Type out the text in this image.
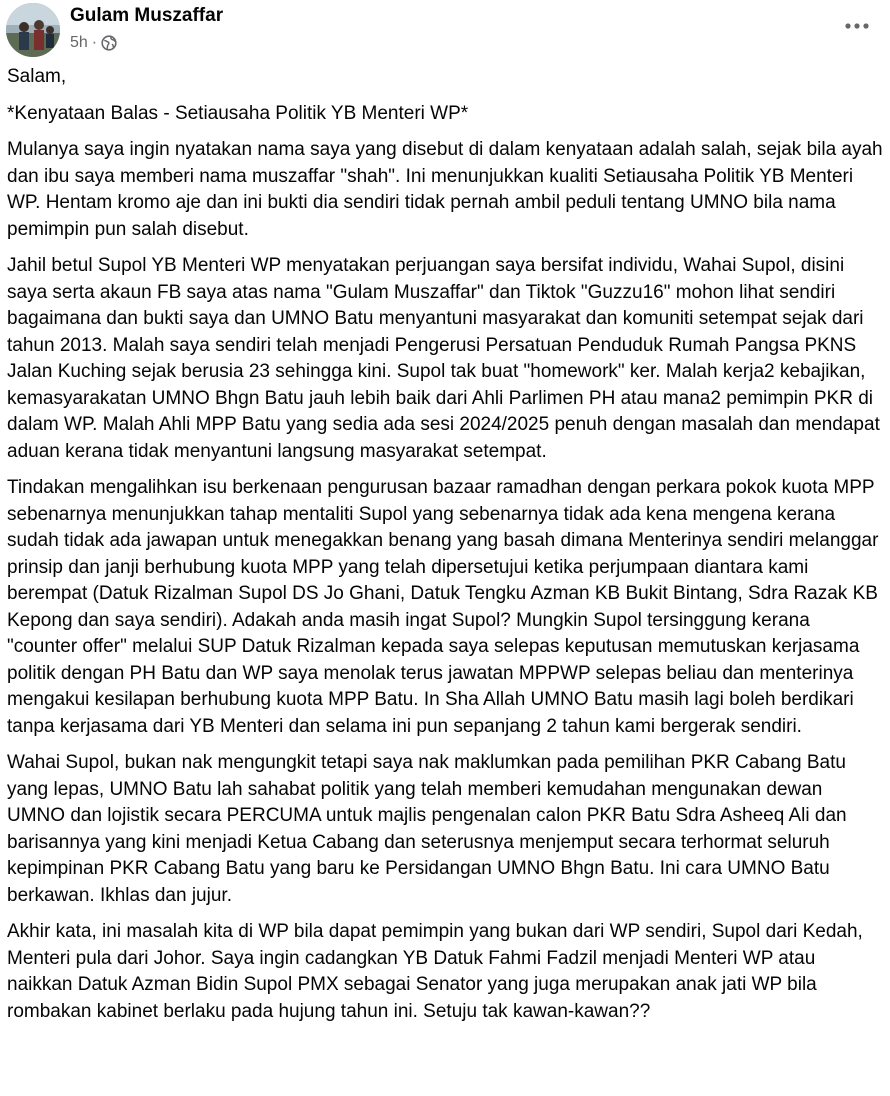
Gulam Muszaffar
5h ·

Salam,

*Kenyataan Balas - Setiausaha Politik YB Menteri WP*

Mulanya saya ingin nyatakan nama saya yang disebut di dalam kenyataan adalah salah, sejak bila ayah dan ibu saya memberi nama muszaffar "shah". Ini menunjukkan kualiti Setiausaha Politik YB Menteri WP. Hentam kromo aje dan ini bukti dia sendiri tidak pernah ambil peduli tentang UMNO bila nama pemimpin pun salah disebut.

Jahil betul Supol YB Menteri WP menyatakan perjuangan saya bersifat individu, Wahai Supol, disini saya serta akaun FB saya atas nama "Gulam Muszaffar" dan Tiktok "Guzzu16" mohon lihat sendiri bagaimana dan bukti saya dan UMNO Batu menyantuni masyarakat dan komuniti setempat sejak dari tahun 2013. Malah saya sendiri telah menjadi Pengerusi Persatuan Penduduk Rumah Pangsa PKNS Jalan Kuching sejak berusia 23 sehingga kini. Supol tak buat "homework" ker. Malah kerja2 kebajikan, kemasyarakatan UMNO Bhgn Batu jauh lebih baik dari Ahli Parlimen PH atau mana2 pemimpin PKR di dalam WP. Malah Ahli MPP Batu yang sedia ada sesi 2024/2025 penuh dengan masalah dan mendapat aduan kerana tidak menyantuni langsung masyarakat setempat.

Tindakan mengalihkan isu berkenaan pengurusan bazaar ramadhan dengan perkara pokok kuota MPP sebenarnya menunjukkan tahap mentaliti Supol yang sebenarnya tidak ada kena mengena kerana sudah tidak ada jawapan untuk menegakkan benang yang basah dimana Menterinya sendiri melanggar prinsip dan janji berhubung kuota MPP yang telah dipersetujui ketika perjumpaan diantara kami berempat (Datuk Rizalman Supol DS Jo Ghani, Datuk Tengku Azman KB Bukit Bintang, Sdra Razak KB Kepong dan saya sendiri). Adakah anda masih ingat Supol? Mungkin Supol tersinggung kerana "counter offer" melalui SUP Datuk Rizalman kepada saya selepas keputusan memutuskan kerjasama politik dengan PH Batu dan WP saya menolak terus jawatan MPPWP selepas beliau dan menterinya mengakui kesilapan berhubung kuota MPP Batu. In Sha Allah UMNO Batu masih lagi boleh berdikari tanpa kerjasama dari YB Menteri dan selama ini pun sepanjang 2 tahun kami bergerak sendiri.

Wahai Supol, bukan nak mengungkit tetapi saya nak maklumkan pada pemilihan PKR Cabang Batu yang lepas, UMNO Batu lah sahabat politik yang telah memberi kemudahan mengunakan dewan UMNO dan lojistik secara PERCUMA untuk majlis pengenalan calon PKR Batu Sdra Asheeq Ali dan barisannya yang kini menjadi Ketua Cabang dan seterusnya menjemput secara terhormat seluruh kepimpinan PKR Cabang Batu yang baru ke Persidangan UMNO Bhgn Batu. Ini cara UMNO Batu berkawan. Ikhlas dan jujur.

Akhir kata, ini masalah kita di WP bila dapat pemimpin yang bukan dari WP sendiri, Supol dari Kedah, Menteri pula dari Johor. Saya ingin cadangkan YB Datuk Fahmi Fadzil menjadi Menteri WP atau naikkan Datuk Azman Bidin Supol PMX sebagai Senator yang juga merupakan anak jati WP bila rombakan kabinet berlaku pada hujung tahun ini. Setuju tak kawan-kawan??
